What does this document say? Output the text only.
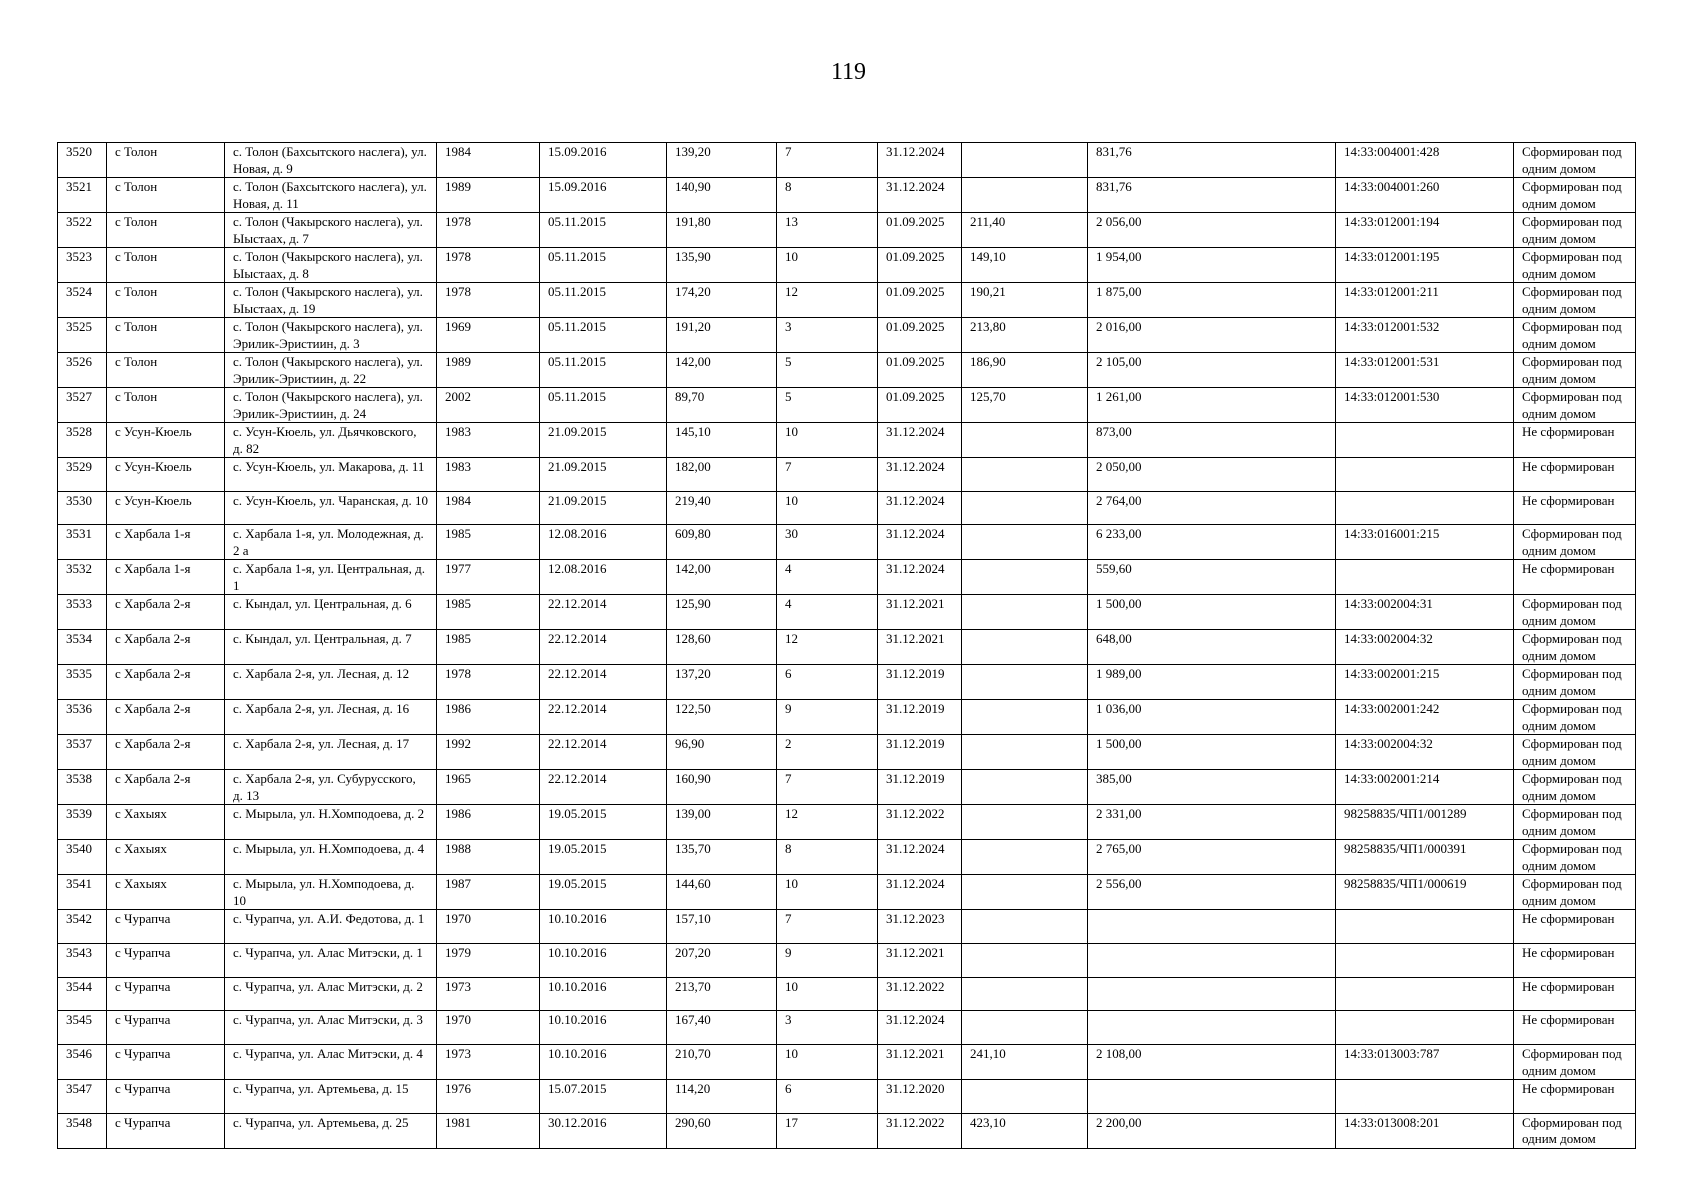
119
3520	с Толон	с. Толон (Бахсытского наслега), ул. Новая, д. 9	1984	15.09.2016	139,20	7	31.12.2024		831,76	14:33:004001:428	Сформирован под одним домом
3521	с Толон	с. Толон (Бахсытского наслега), ул. Новая, д. 11	1989	15.09.2016	140,90	8	31.12.2024		831,76	14:33:004001:260	Сформирован под одним домом
3522	с Толон	с. Толон (Чакырского наслега), ул. Ыыстаах, д. 7	1978	05.11.2015	191,80	13	01.09.2025	211,40	2 056,00	14:33:012001:194	Сформирован под одним домом
3523	с Толон	с. Толон (Чакырского наслега), ул. Ыыстаах, д. 8	1978	05.11.2015	135,90	10	01.09.2025	149,10	1 954,00	14:33:012001:195	Сформирован под одним домом
3524	с Толон	с. Толон (Чакырского наслега), ул. Ыыстаах, д. 19	1978	05.11.2015	174,20	12	01.09.2025	190,21	1 875,00	14:33:012001:211	Сформирован под одним домом
3525	с Толон	с. Толон (Чакырского наслега), ул. Эрилик-Эристиин, д. 3	1969	05.11.2015	191,20	3	01.09.2025	213,80	2 016,00	14:33:012001:532	Сформирован под одним домом
3526	с Толон	с. Толон (Чакырского наслега), ул. Эрилик-Эристиин, д. 22	1989	05.11.2015	142,00	5	01.09.2025	186,90	2 105,00	14:33:012001:531	Сформирован под одним домом
3527	с Толон	с. Толон (Чакырского наслега), ул. Эрилик-Эристиин, д. 24	2002	05.11.2015	89,70	5	01.09.2025	125,70	1 261,00	14:33:012001:530	Сформирован под одним домом
3528	с Усун-Кюель	с. Усун-Кюель, ул. Дьячковского, д. 82	1983	21.09.2015	145,10	10	31.12.2024		873,00		Не сформирован
3529	с Усун-Кюель	с. Усун-Кюель, ул. Макарова, д. 11	1983	21.09.2015	182,00	7	31.12.2024		2 050,00		Не сформирован
3530	с Усун-Кюель	с. Усун-Кюель, ул. Чаранская, д. 10	1984	21.09.2015	219,40	10	31.12.2024		2 764,00		Не сформирован
3531	с Харбала 1-я	с. Харбала 1-я, ул. Молодежная, д. 2 а	1985	12.08.2016	609,80	30	31.12.2024		6 233,00	14:33:016001:215	Сформирован под одним домом
3532	с Харбала 1-я	с. Харбала 1-я, ул. Центральная, д. 1	1977	12.08.2016	142,00	4	31.12.2024		559,60		Не сформирован
3533	с Харбала 2-я	с. Кындал, ул. Центральная, д. 6	1985	22.12.2014	125,90	4	31.12.2021		1 500,00	14:33:002004:31	Сформирован под одним домом
3534	с Харбала 2-я	с. Кындал, ул. Центральная, д. 7	1985	22.12.2014	128,60	12	31.12.2021		648,00	14:33:002004:32	Сформирован под одним домом
3535	с Харбала 2-я	с. Харбала 2-я, ул. Лесная, д. 12	1978	22.12.2014	137,20	6	31.12.2019		1 989,00	14:33:002001:215	Сформирован под одним домом
3536	с Харбала 2-я	с. Харбала 2-я, ул. Лесная, д. 16	1986	22.12.2014	122,50	9	31.12.2019		1 036,00	14:33:002001:242	Сформирован под одним домом
3537	с Харбала 2-я	с. Харбала 2-я, ул. Лесная, д. 17	1992	22.12.2014	96,90	2	31.12.2019		1 500,00	14:33:002004:32	Сформирован под одним домом
3538	с Харбала 2-я	с. Харбала 2-я, ул. Субурусского, д. 13	1965	22.12.2014	160,90	7	31.12.2019		385,00	14:33:002001:214	Сформирован под одним домом
3539	с Хахыях	с. Мырыла, ул. Н.Хомподоева, д. 2	1986	19.05.2015	139,00	12	31.12.2022		2 331,00	98258835/ЧП1/001289	Сформирован под одним домом
3540	с Хахыях	с. Мырыла, ул. Н.Хомподоева, д. 4	1988	19.05.2015	135,70	8	31.12.2024		2 765,00	98258835/ЧП1/000391	Сформирован под одним домом
3541	с Хахыях	с. Мырыла, ул. Н.Хомподоева, д. 10	1987	19.05.2015	144,60	10	31.12.2024		2 556,00	98258835/ЧП1/000619	Сформирован под одним домом
3542	с Чурапча	с. Чурапча, ул. А.И. Федотова, д. 1	1970	10.10.2016	157,10	7	31.12.2023				Не сформирован
3543	с Чурапча	с. Чурапча, ул. Алас Митэски, д. 1	1979	10.10.2016	207,20	9	31.12.2021				Не сформирован
3544	с Чурапча	с. Чурапча, ул. Алас Митэски, д. 2	1973	10.10.2016	213,70	10	31.12.2022				Не сформирован
3545	с Чурапча	с. Чурапча, ул. Алас Митэски, д. 3	1970	10.10.2016	167,40	3	31.12.2024				Не сформирован
3546	с Чурапча	с. Чурапча, ул. Алас Митэски, д. 4	1973	10.10.2016	210,70	10	31.12.2021	241,10	2 108,00	14:33:013003:787	Сформирован под одним домом
3547	с Чурапча	с. Чурапча, ул. Артемьева, д. 15	1976	15.07.2015	114,20	6	31.12.2020				Не сформирован
3548	с Чурапча	с. Чурапча, ул. Артемьева, д. 25	1981	30.12.2016	290,60	17	31.12.2022	423,10	2 200,00	14:33:013008:201	Сформирован под одним домом
